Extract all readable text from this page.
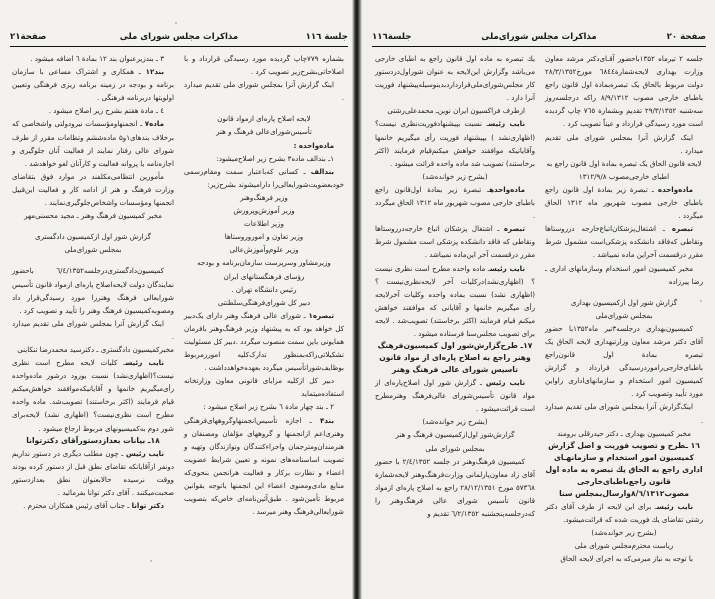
جلسة ١١٦
مذاکرات مجلس شورای ملی
صفحة٢١

بشماره ۷۷۹چاپ گردیده مورد رسیدگی قرارداد و با اصلاحاتی‌بشرح‌زیر تصویب کرد .

اینک گزارش آنرا بمجلس شورای ملی تقدیم میدارد .

لایحه اصلاح پاره‌ای ازمواد قانون

تأسیس‌شورای‌عالی فرهنگ و هنر

ماده‌واحده :

۱ـ بندالف ماده۳ بشرح زیر اصلاح‌میشود:

بندالف ـ کسانی که‌باعتبار سمت ومقام‌رسمی خودبعضویت‌شورایعالی‌را دارامیشوند بشرح‌زیر:

وزیر فرهنگ‌وهنر

وزیر آموزش‌وپرورش

وزیر اطلاعات

وزیر تعاون و اموروروستاها

وزیر علوم‌وآموزش‌عالی

وزیرمشاور وسرپرست سازمان‌برنامه و بودجه

رؤسای فرهنگستانهای ایران

رئیس دانشگاه تهران .

دبیر کل شورای‌فرهنگی‌سلطنتی

تبصره۱ ـ شورای عالی فرهنگ وهنر دارای یک‌دبیر کل خواهد بود که به پیشنهاد وزیر فرهنگ‌وهنر بافرمان همایونی باین سمت منصوب میگردد .دبیر کل مسئولیت تشکیلاتی‌راکه‌بمنظور تدارک‌کلیه اموررمربوط بوظایف‌شوراتأسیس میگردد بعهده‌خواهدداشت .

دبیر کل ازکلیه مزایای قانونی معاون وزارتخانه استفاده‌میتماید

۲ ـ بند چهار مادة ٦ بشرح زیر اصلاح میشود :

بند۴ ـ اجازه تأسیس‌انجمنهاو‌گروههای‌فرهنگی وهنری‌اعم ازانجمنها و گروههای مؤلفان ومصنفان و هنرمندان‌ومترجمان واجراءکنندگان ونوازندگان وتهیه و تصویب اساسنامه‌های نمونه و تعیین شرایط عضویت اعضاء و نظارت برکار و فعالیت هرانجمن بنحوی‌که منابع مادی‌ومعنوی اعضاء این انجمنها باتوجه بقوانین مربوط تأمین‌شود . طبق‌آئین‌نامه‌ای خاص‌که بتصویب شورایعالی‌فرهنگ وهنر میرسد .

۳ ـ بندزیرعنوان بند ۱۲ بمادة ٦ اضافه میشود .

بند۱۲ ـ همکاری و اشتراک مساعی با سازمان برنامه و بودجه در زمینه برنامه ریزی فرهنگی وتعیین اولویتها دربرنامه فرهنگی .

٤ ـ مادة هفتم بشرح زیر اصلاح میشود .

ماده۷ ـ انجمنهاومؤسسات نیرودولتی واشخاصی که برخلاف بندهای۱و۵ ماده‌ششم وتظامات مقرر از طرف شورای عالی رفتار نمایند از فعالیت آنان جلوگیری و اجازه‌نامه یا پروانه فعالیت و کارآنان لغو خواهدشد .

مأمورین انتظامی‌مکلفند در موارد فوق بتقاضای وزارت فرهنگ و هنر از ادامه کار و فعالیت این‌قبیل انجمنها ومؤسسات واشخاص‌جلوگیری‌نمایند .

مخبر کمیسیون فرهنگ وهنر ـ مجید محسنی‌مهر

گزارش شور اول ازکمیسیون دادگستری

بمجلس شورای‌ملی

کمیسیون‌دادگستری‌درجلسه٦/٤/۱۳۵۲ باحضور نمایندگان دولت لایحه‌اصلاح پاره‌ای ازمواد قانون تأسیس شورایعالی فرهنگ وهنررا مورد رسیدگی‌قرار داد ومصوبه‌کمیسیون فرهنگ وهنر را تأیید و تصویب کرد .

اینک گزارش آنرا بمجلس شورای ملی تقدیم میدارد .

مخبر‌کمیسیون دادگستری ـ دکترسید محمدرضا تنکابنی

نایب رئیسـ کلیات لایحه مطرح است نظری نیست؟(اظهاری‌نشد) نسبت بورود درشور ماده‌واحده رأی‌میگیریم خانمها و آقایانیکه‌موافقند خواهش‌میکنم قیام فرمایند (اکثر برخاستند) تصویب‌شد. ماده واحده مطرح است نظری‌نیست؟ (اظهاری نشد) لایحه‌برای شور دوم به‌کمیسیونهای مربوط ارجاع میشود .

۱۸ـ بیانات بعدازدستورآقای دکترتوانا

نایب رئیس ـ چون مطلب دیگری در دستور نداریم دونفر ازآقایانکه تقاضای نطق قبل از دستور کرده بودند ووقت نرسیده حالابعنوان نطق بعدازدستور صحبت‌میکنند . آقای دکتر توانا بفرمائید .

دکتر توانا ـ جناب آقای رئیس همکاران محترم .

صفحة ٢٠
مذاکرات مجلس شورای‌ملی
جلسة١١٦

جلسه ۲ تیرماه ۱۳۵۲باحضور آقـای‌دکتر مرشد معاون وزارت بهداری لایحه‌شمارة٦٨٤٤ مورخ٢٨/٣/١٣٥٢ دولت مربوط بالحاق یک تبصره‌بمادة اول قانون راجع باطبای خارجی مصوب ٨/٩/١٣١٢ راکه درجلسه‌روز سه‌شنبه ٢٩/٣/١٣٥٢ تقدیم وبشمارة ٧٦٥ چاپ گردیده است مورد رسیدگی قرارداد و عیناً تصویب کرد .

اینک گزارش آنرا بمجلس شورای ملی تقدیم میدارد .

لایحه قانون الحاق یک تبصره بمادة اول قانون راجع به اطبای خارجی‌مصوب ١٣١٢/٩/٨

ماده‌واحده ـ تبصرة زیر بمادة اول قانون راجع باطبای خارجی مصوب شهریور ماه ۱۳۱۲ الحاق میگردد .

تبصره ـ اشتغال‌پزشکان‌اتباع‌خارجه درروستاها ونقاطی که‌فاقد دانشکده پزشکی‌است مشمول شرط مقرر درقسمت آخراین ماده نمیباشد .

مخبر کمیسیون امور استخدام وسازمانهای اداری ـ رضا پیرزاده

گزارش شور اول ازکمیسیون بهداری

بمجلس شورای‌ملی

کمیسیون‌بهداری درجلسه۳تیر ماه۱۳۵۲با حضور آقای دکتر مرشد معاون وزارتبهداری لایحه الحاق یک تبصره بمادة اول قانون‌راجع باطبای‌خارجی‌راموردرسیدگی قرارداد و گزارش کمیسیون امور استخدام و سازمانهای‌اداری راواین مورد تأیید وتصویب کرد .

اینک‌گزارش آنرا بمجلس شورای ملی تقدیم میدارد .

مخبر کمیسیون بهداری ـ دکتر حیدرقلی برومند

١٦ ـطرح و تصویب فوریت و اصل گزارش کمیسیون امور استخدام و سازمانهـای اداری راجع به الحاق یك تبصره به ماده اول قانون راجع‌باطبای‌خارجی مصوب‌٨/٦/١٣١٢وارسال‌بمجلس سنا

نایب رئیسـ برای این لایحه از طرف آقای دکتر رشتی تقاضای یك فوریت شده که قرائت‌میشود.

(بشرح زیر خوانده‌شد)

ریاست محترم‌مجلس شورای ملی

با توجه به نیاز مبرمی‌که به اجرای لایحه الحاق

یك تبصره به ماده اول قانون راجع به اطبای خارجی می‌باشد وگزارش این‌لایحه به عنوان شوراول‌دردستور کار مجلس‌شورای‌ملی‌قراردارد‌بدینوسیله‌پیشنهاد فوریت آنرا دارد .

ازطرف فراکسیون ایران نوین‌ـ محمدعلی‌رشتی

نایب رئیسـ نسبت بپیشنهادفوریت‌نظری نیست؟ (اظهاری‌نشد ) بپیشنهاد فوریت رأی میگیریم خانمها وآقایانیکه موافقند خواهش میکنم‌قیام فرمایند (اکثر برخاستند) تصویب شد ماده واحده قرائت میشود .

(بشرح زیر خوانده‌شد)

ماده‌واحدهـ تبصرة زیر بمادة اول‌قانون راجع باطبای خارجی مصوب شهریور ماه ۱۳۱۲ الحاق میگردد .

تبصره ـ اشتغال پزشکان اتباع خارجه‌درروستاها ونقاطی که فاقد دانشکده پزشکی است مشمول شرط مقرر درقسمت آخر این‌ماده نمیباشد .

نایب رئیسـ ماده واحده مطرح است نظری نیست ؟ (اظهاری‌نشد)درکلیات آخر لایحه‌نظری‌نیست ؟ (اظهاری نشد) نسبت بماده واحده وکلیات آخرلایحه رأی میگیریم خانمها و آقایانی که موافقند خواهش میکنم قیام فرمایند (اکثر برخاستند) تصویب‌شد . لایحه برای تصویب مجلس‌سنا فرستاده میشود .

۱۷ـ طرح‌گزارش‌شور اول کمیسیون‌فرهنگ وهنر راجع به اصلاح پاره‌ای از مواد قانون تاسیس شورای عالی فرهنگ وهنر

نایب رئیس ـ گزارش شور اول اصلاح‌پاره‌ای از مواد قانون تأسیس‌شورای عالی‌فرهنگ وهنرمطرح است قرائت‌میشود .

(بشرح زیر خوانده‌شد)

گزارش‌شور اول‌ازکمیسیون فرهنگ و هنر

بمجلس شورای ملی

کمیسیون فرهنگ‌وهنر در جلسه ۲/٤/١٣٥٢ با حضور آقای زاد معاون‌پارلمانی وزارت‌فرهنگ‌وهنر لایحه‌شمارة ٥٧٣٦٨ مورخ ٢٨/١٢/١٣٥١ راجع به اصلاح پاره‌ای ازمواد قانون تأسیس شورای عالی فرهنگ‌وهنر را کەدرجلسه‌پنجشنبه ٦/٢/١٣٥٢ تقدیم و
